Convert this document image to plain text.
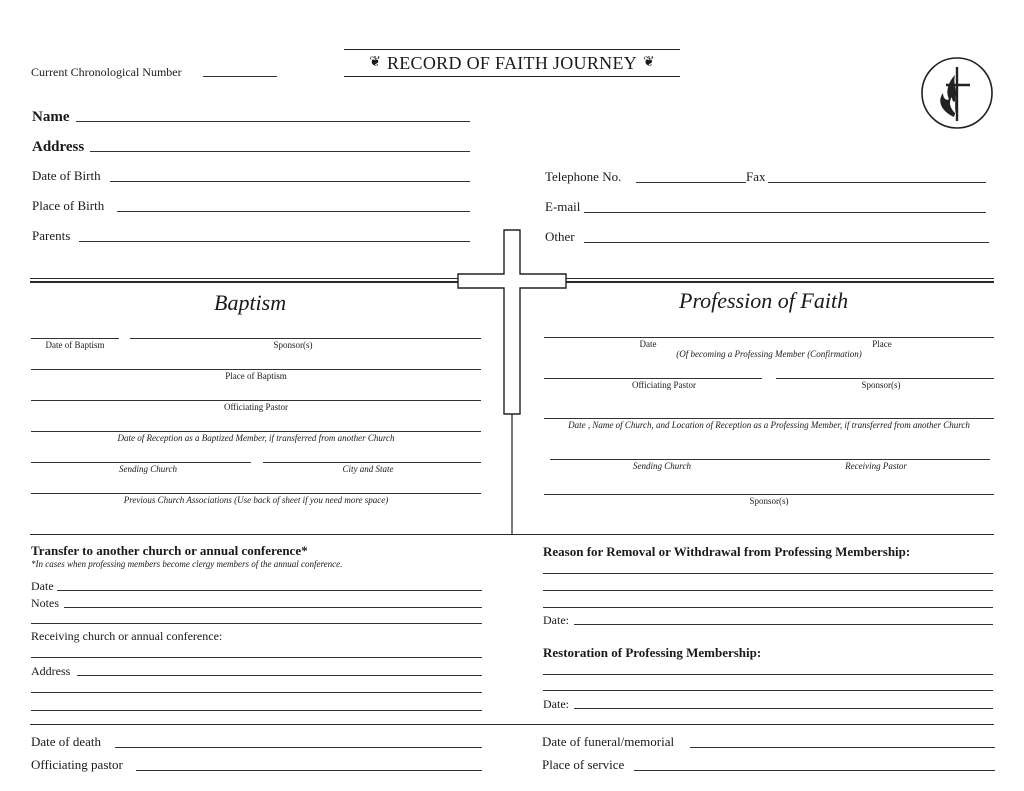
Current Chronological Number
❦ RECORD OF FAITH JOURNEY ❦
Name
Address
Date of Birth
Place of Birth
Parents
Telephone No.	Fax
E-mail
Other
Baptism
Date of Baptism	Sponsor(s)
Place of Baptism
Officiating Pastor
Date of Reception as a Baptized Member, if transferred from another Church
Sending Church	City and State
Previous Church Associations (Use back of sheet if you need more space)
Profession of Faith
Date	Place
(Of becoming a Professing Member (Confirmation)
Officiating Pastor	Sponsor(s)
Date , Name of Church, and Location of Reception as a Professing Member, if transferred from another Church
Sending Church	Receiving Pastor
Sponsor(s)
Transfer to another church or annual conference*
*In cases when professing members become clergy members of the annual conference.
Date
Notes
Receiving church or annual conference:
Address
Reason for Removal or Withdrawal from Professing Membership:
Date:
Restoration of Professing Membership:
Date:
Date of death
Officiating pastor
Date of funeral/memorial
Place of service
